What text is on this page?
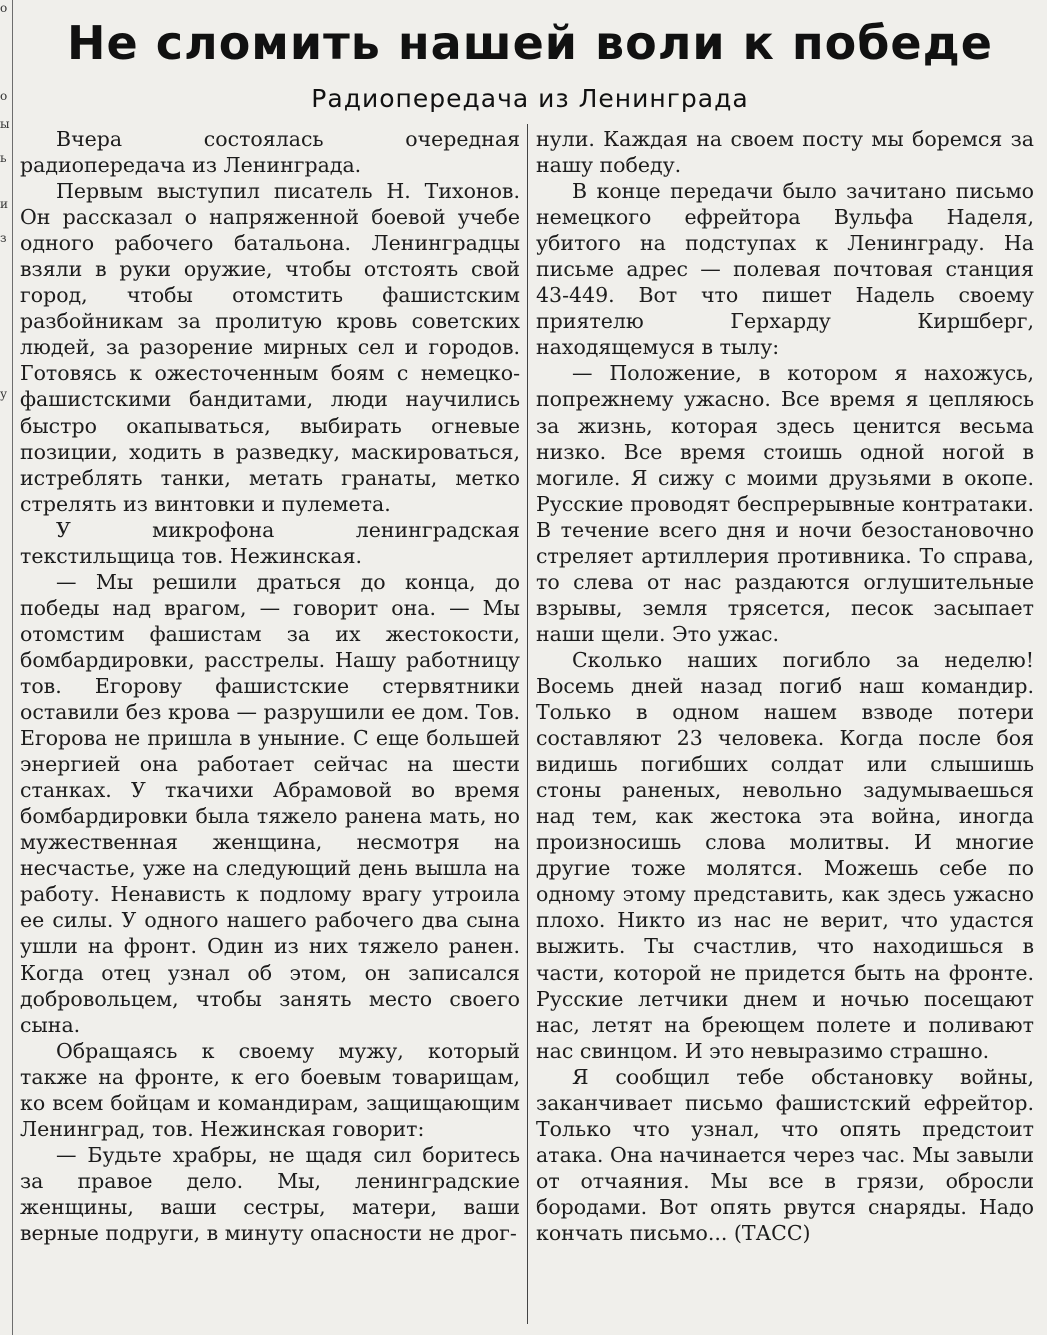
о
о
ы
ь
и
з
у
Не сломить нашей воли к победе
Радиопередача из Ленинграда

Вчера состоялась очередная радиопередача из Ленинграда.

Первым выступил писатель Н. Тихонов. Он рассказал о напряженной боевой учебе одного рабочего батальона. Ленинградцы взяли в руки оружие, чтобы отстоять свой город, чтобы отомстить фашистским разбойникам за пролитую кровь советских людей, за разорение мирных сел и городов. Готовясь к ожесточенным боям с немецко-фашистскими бандитами, люди научились быстро окапываться, выбирать огневые позиции, ходить в разведку, маскироваться, истреблять танки, метать гранаты, метко стрелять из винтовки и пулемета.

У микрофона ленинградская текстильщица тов. Нежинская.

— Мы решили драться до конца, до победы над врагом, — говорит она. — Мы отомстим фашистам за их жестокости, бомбардировки, расстрелы. Нашу работницу тов. Егорову фашистские стервятники оставили без крова — разрушили ее дом. Тов. Егорова не пришла в уныние. С еще большей энергией она работает сейчас на шести станках. У ткачихи Абрамовой во время бомбардировки была тяжело ранена мать, но мужественная женщина, несмотря на несчастье, уже на следующий день вышла на работу. Ненависть к подлому врагу утроила ее силы. У одного нашего рабочего два сына ушли на фронт. Один из них тяжело ранен. Когда отец узнал об этом, он записался добровольцем, чтобы занять место своего сына.

Обращаясь к своему мужу, который также на фронте, к его боевым товарищам, ко всем бойцам и командирам, защищающим Ленинград, тов. Нежинская говорит:

— Будьте храбры, не щадя сил боритесь за правое дело. Мы, ленинградские женщины, ваши сестры, матери, ваши верные подруги, в минуту опасности не дрог-

нули. Каждая на своем посту мы боремся за нашу победу.

В конце передачи было зачитано письмо немецкого ефрейтора Вульфа Наделя, убитого на подступах к Ленинграду. На письме адрес — полевая почтовая станция 43-449. Вот что пишет Надель своему приятелю Герхарду Киршберг, находящемуся в тылу:

— Положение, в котором я нахожусь, попрежнему ужасно. Все время я цепляюсь за жизнь, которая здесь ценится весьма низко. Все время стоишь одной ногой в могиле. Я сижу с моими друзьями в окопе. Русские проводят беспрерывные контратаки. В течение всего дня и ночи безостановочно стреляет артиллерия противника. То справа, то слева от нас раздаются оглушительные взрывы, земля трясется, песок засыпает наши щели. Это ужас.

Сколько наших погибло за неделю! Восемь дней назад погиб наш командир. Только в одном нашем взводе потери составляют 23 человека. Когда после боя видишь погибших солдат или слышишь стоны раненых, невольно задумываешься над тем, как жестока эта война, иногда произносишь слова молитвы. И многие другие тоже молятся. Можешь себе по одному этому представить, как здесь ужасно плохо. Никто из нас не верит, что удастся выжить. Ты счастлив, что находишься в части, которой не придется быть на фронте. Русские летчики днем и ночью посещают нас, летят на бреющем полете и поливают нас свинцом. И это невыразимо страшно.

Я сообщил тебе обстановку войны, заканчивает письмо фашистский ефрейтор. Только что узнал, что опять предстоит атака. Она начинается через час. Мы завыли от отчаяния. Мы все в грязи, обросли бородами. Вот опять рвутся снаряды. Надо кончать письмо... (ТАСС)
